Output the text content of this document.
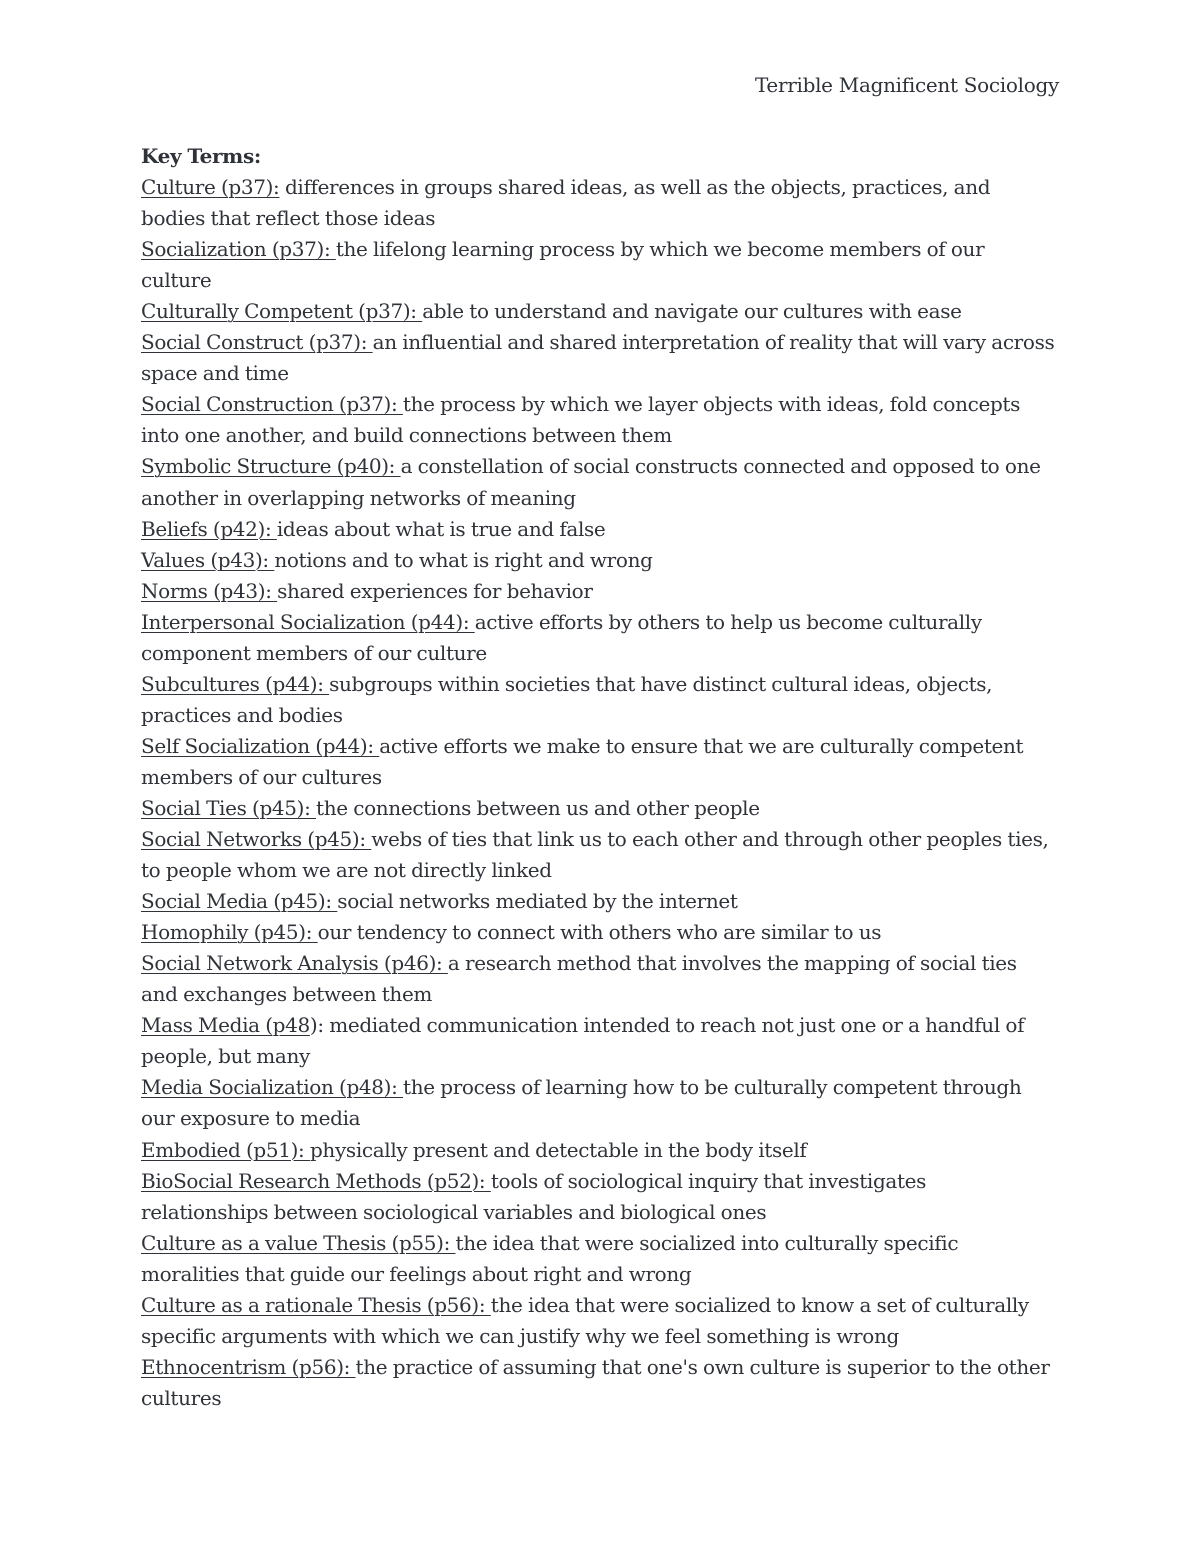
Terrible Magnificent Sociology

Key Terms:

Culture (p37): differences in groups shared ideas, as well as the objects, practices, and bodies that reflect those ideas

Socialization (p37): the lifelong learning process by which we become members of our culture

Culturally Competent (p37): able to understand and navigate our cultures with ease

Social Construct (p37): an influential and shared interpretation of reality that will vary across space and time

Social Construction (p37): the process by which we layer objects with ideas, fold concepts into one another, and build connections between them

Symbolic Structure (p40): a constellation of social constructs connected and opposed to one another in overlapping networks of meaning

Beliefs (p42): ideas about what is true and false

Values (p43): notions and to what is right and wrong

Norms (p43): shared experiences for behavior

Interpersonal Socialization (p44): active efforts by others to help us become culturally component members of our culture

Subcultures (p44): subgroups within societies that have distinct cultural ideas, objects, practices and bodies

Self Socialization (p44): active efforts we make to ensure that we are culturally competent members of our cultures

Social Ties (p45): the connections between us and other people

Social Networks (p45): webs of ties that link us to each other and through other peoples ties, to people whom we are not directly linked

Social Media (p45): social networks mediated by the internet

Homophily (p45): our tendency to connect with others who are similar to us

Social Network Analysis (p46): a research method that involves the mapping of social ties and exchanges between them

Mass Media (p48): mediated communication intended to reach not just one or a handful of people, but many

Media Socialization (p48): the process of learning how to be culturally competent through our exposure to media

Embodied (p51): physically present and detectable in the body itself

BioSocial Research Methods (p52): tools of sociological inquiry that investigates relationships between sociological variables and biological ones

Culture as a value Thesis (p55): the idea that were socialized into culturally specific moralities that guide our feelings about right and wrong

Culture as a rationale Thesis (p56): the idea that were socialized to know a set of culturally specific arguments with which we can justify why we feel something is wrong

Ethnocentrism (p56): the practice of assuming that one's own culture is superior to the other cultures
